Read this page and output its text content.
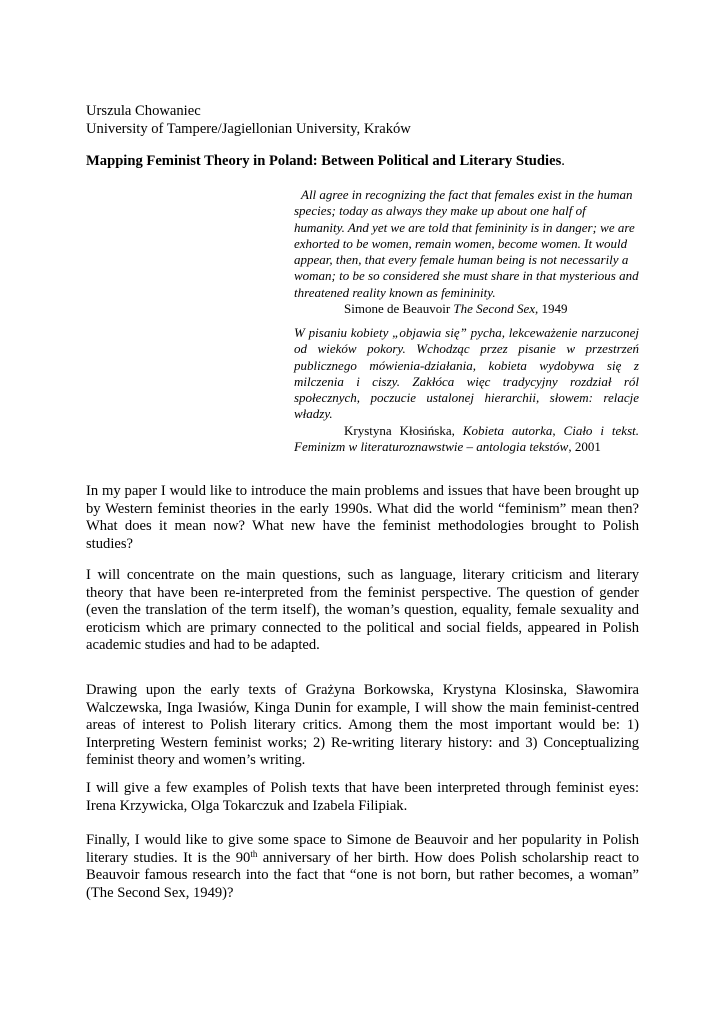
Urszula Chowaniec
University of Tampere/Jagiellonian University, Kraków
Mapping Feminist Theory in Poland: Between Political and Literary Studies.
All agree in recognizing the fact that females exist in the human species; today as always they make up about one half of humanity. And yet we are told that femininity is in danger; we are exhorted to be women, remain women, become women. It would appear, then, that every female human being is not necessarily a woman; to be so considered she must share in that mysterious and threatened reality known as femininity.
Simone de Beauvoir The Second Sex, 1949
W pisaniu kobiety „objawia się” pycha, lekceważenie narzuconej od wieków pokory. Wchodząc przez pisanie w przestrzeń publicznego mówienia-działania, kobieta wydobywa się z milczenia i ciszy. Zakłóca więc tradycyjny rozdział ról społecznych, poczucie ustalonej hierarchii, słowem: relacje władzy.
Krystyna Kłosińska, Kobieta autorka, Ciało i tekst.
Feminizm w literaturoznawstwie – antologia tekstów, 2001
In my paper I would like to introduce the main problems and issues that have been brought up by Western feminist theories in the early 1990s. What did the world “feminism” mean then? What does it mean now? What new have the feminist methodologies brought to Polish studies?
I will concentrate on the main questions, such as language, literary criticism and literary theory that have been re-interpreted from the feminist perspective. The question of gender (even the translation of the term itself), the woman’s question, equality, female sexuality and eroticism which are primary connected to the political and social fields, appeared in Polish academic studies and had to be adapted.
Drawing upon the early texts of Grażyna Borkowska, Krystyna Klosinska, Sławomira Walczewska, Inga Iwasiów, Kinga Dunin for example, I will show the main feminist-centred areas of interest to Polish literary critics. Among them the most important would be: 1) Interpreting Western feminist works; 2) Re-writing literary history: and 3) Conceptualizing feminist theory and women’s writing.
I will give a few examples of Polish texts that have been interpreted through feminist eyes: Irena Krzywicka, Olga Tokarczuk and Izabela Filipiak.
Finally, I would like to give some space to Simone de Beauvoir and her popularity in Polish literary studies. It is the 90th anniversary of her birth. How does Polish scholarship react to Beauvoir famous research into the fact that “one is not born, but rather becomes, a woman” (The Second Sex, 1949)?
